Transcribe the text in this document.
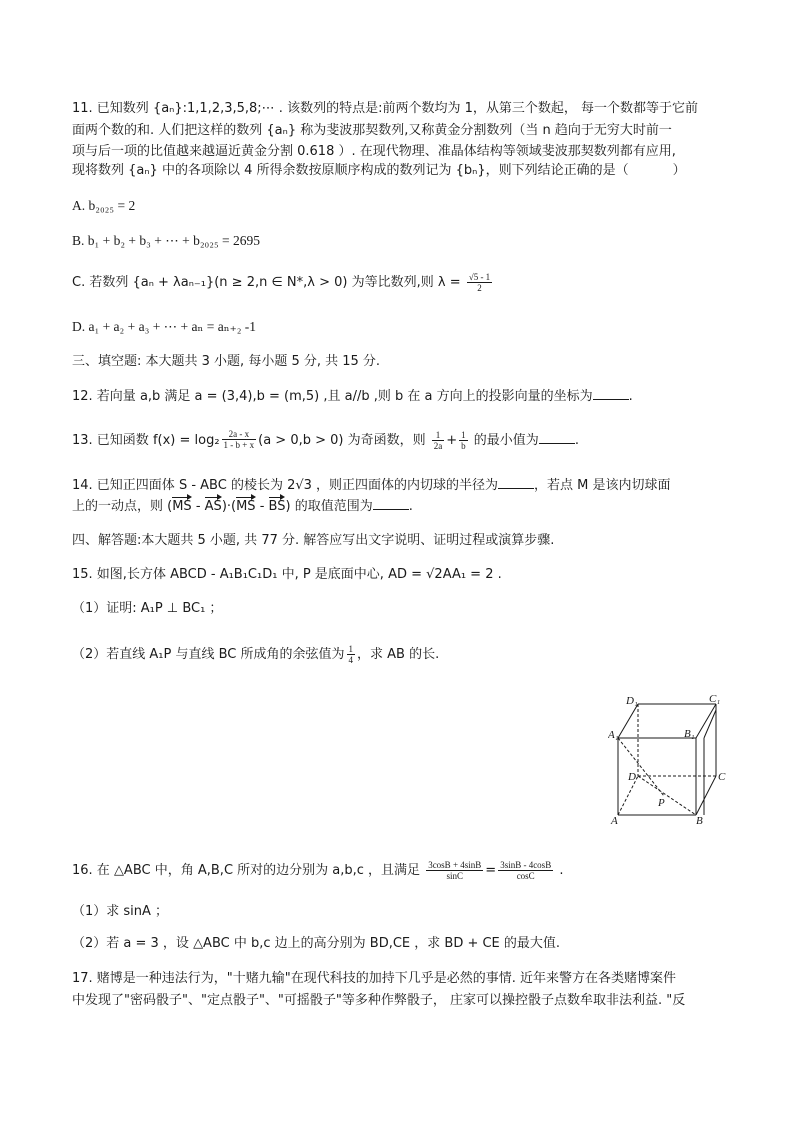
11. 已知数列 {aₙ}:1,1,2,3,5,8;⋯ . 该数列的特点是:前两个数均为 1，从第三个数起， 每一个数都等于它前
面两个数的和. 人们把这样的数列 {aₙ} 称为斐波那契数列,又称黄金分割数列（当 n 趋向于无穷大时前一
项与后一项的比值越来越逼近黄金分割 0.618 ）. 在现代物理、准晶体结构等领域斐波那契数列都有应用,
现将数列 {aₙ} 中的各项除以 4 所得余数按原顺序构成的数列记为 {bₙ}，则下列结论正确的是（	）
A. b₂₀₂₅ = 2
B. b₁ + b₂ + b₃ + ⋯ + b₂₀₂₅ = 2695
C. 若数列 {aₙ + λaₙ₋₁}(n ≥ 2,n ∈ N*,λ > 0) 为等比数列,则 $\lambda = \frac{√5 - 1}{2}$
D. a₁ + a₂ + a₃ + ⋯ + aₙ = aₙ₊₂ -1
三、填空题: 本大题共 3 小题, 每小题 5 分, 共 15 分.
12. 若向量 a,b 满足 a = (3,4),b = (m,5) ,且 a//b ,则 b 在 a 方向上的投影向量的坐标为	.
13. 已知函数 $f(x) = \log_2 \frac{2a - x}{1 - b + x} (a > 0,b > 0)$ 为奇函数，则 $\frac{1}{2a} + \frac{1}{b}$ 的最小值为	.
14. 已知正四面体 S - ABC 的棱长为 2√3 ，则正四面体的内切球的半径为	，若点 M 是该内切球面
上的一动点，则 (MS - AS)·(MS - BS) 的取值范围为	.
四、解答题:本大题共 5 小题, 共 77 分. 解答应写出文字说明、证明过程或演算步骤.
15. 如图,长方体 ABCD - A₁B₁C₁D₁ 中, P 是底面中心, AD = √2AA₁ = 2 .
（1）证明: A₁P ⊥ BC₁ ；
（2）若直线 A₁P 与直线 BC 所成角的余弦值为 $\frac{1}{4}$ ，求 AB 的长.
D₁	C₁
A₁	B₁
D	C
A	B
P
16. 在 △ABC 中，角 A,B,C 所对的边分别为 a,b,c ，且满足 $\frac{3\cos B + 4\sin B}{\sin C} = \frac{3\sin B - 4\cos B}{\cos C}$ .
（1）求 sinA ；
（2）若 a = 3 ，设 △ABC 中 b,c 边上的高分别为 BD,CE ，求 BD + CE 的最大值.
17. 赌博是一种违法行为，"十赌九输"在现代科技的加持下几乎是必然的事情. 近年来警方在各类赌博案件
中发现了"密码骰子"、"定点骰子"、"可摇骰子"等多种作弊骰子， 庄家可以操控骰子点数牟取非法利益. "反
